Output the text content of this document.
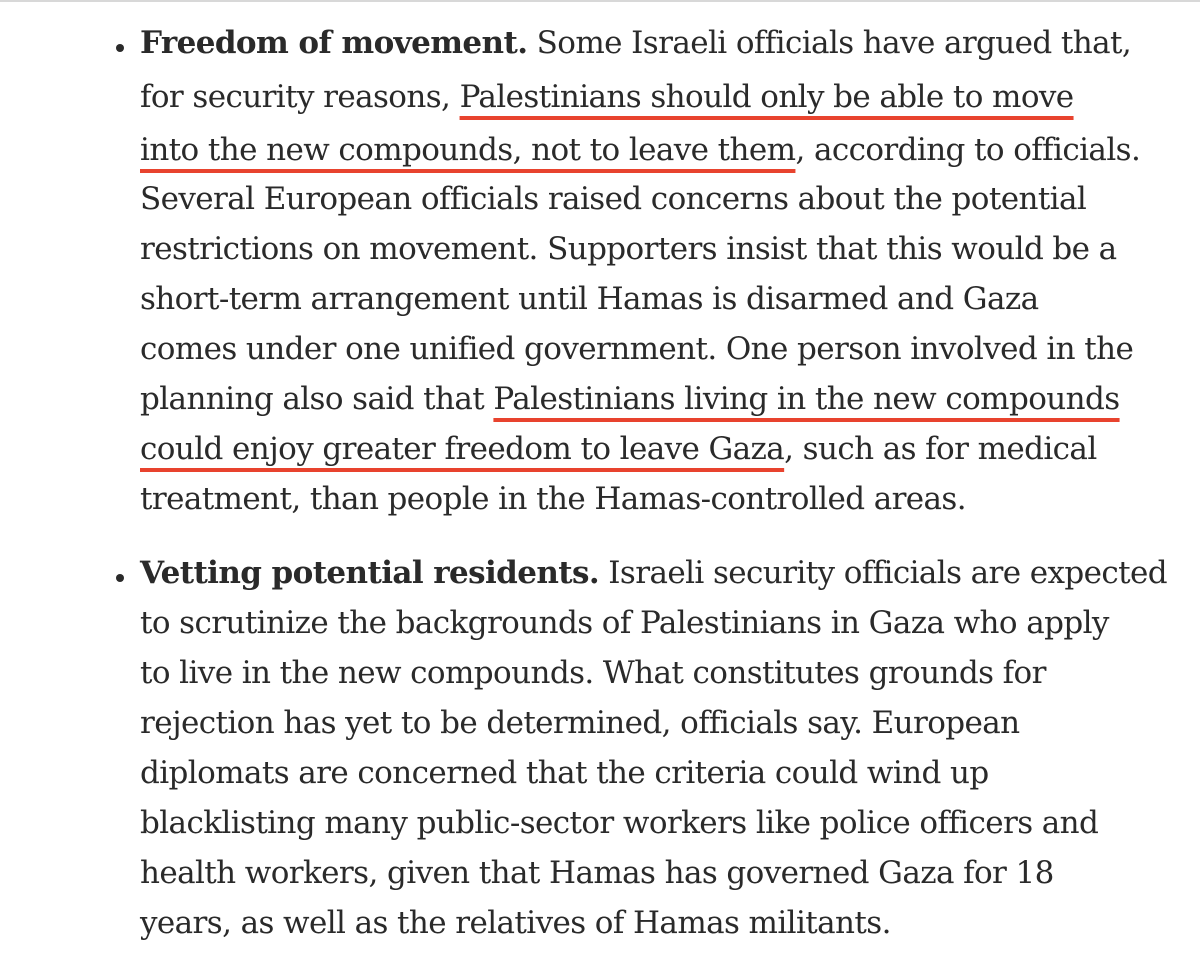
Freedom of movement. Some Israeli officials have argued that,
for security reasons, Palestinians should only be able to move
into the new compounds, not to leave them, according to officials.
Several European officials raised concerns about the potential
restrictions on movement. Supporters insist that this would be a
short-term arrangement until Hamas is disarmed and Gaza
comes under one unified government. One person involved in the
planning also said that Palestinians living in the new compounds
could enjoy greater freedom to leave Gaza, such as for medical
treatment, than people in the Hamas-controlled areas.
Vetting potential residents. Israeli security officials are expected
to scrutinize the backgrounds of Palestinians in Gaza who apply
to live in the new compounds. What constitutes grounds for
rejection has yet to be determined, officials say. European
diplomats are concerned that the criteria could wind up
blacklisting many public-sector workers like police officers and
health workers, given that Hamas has governed Gaza for 18
years, as well as the relatives of Hamas militants.
